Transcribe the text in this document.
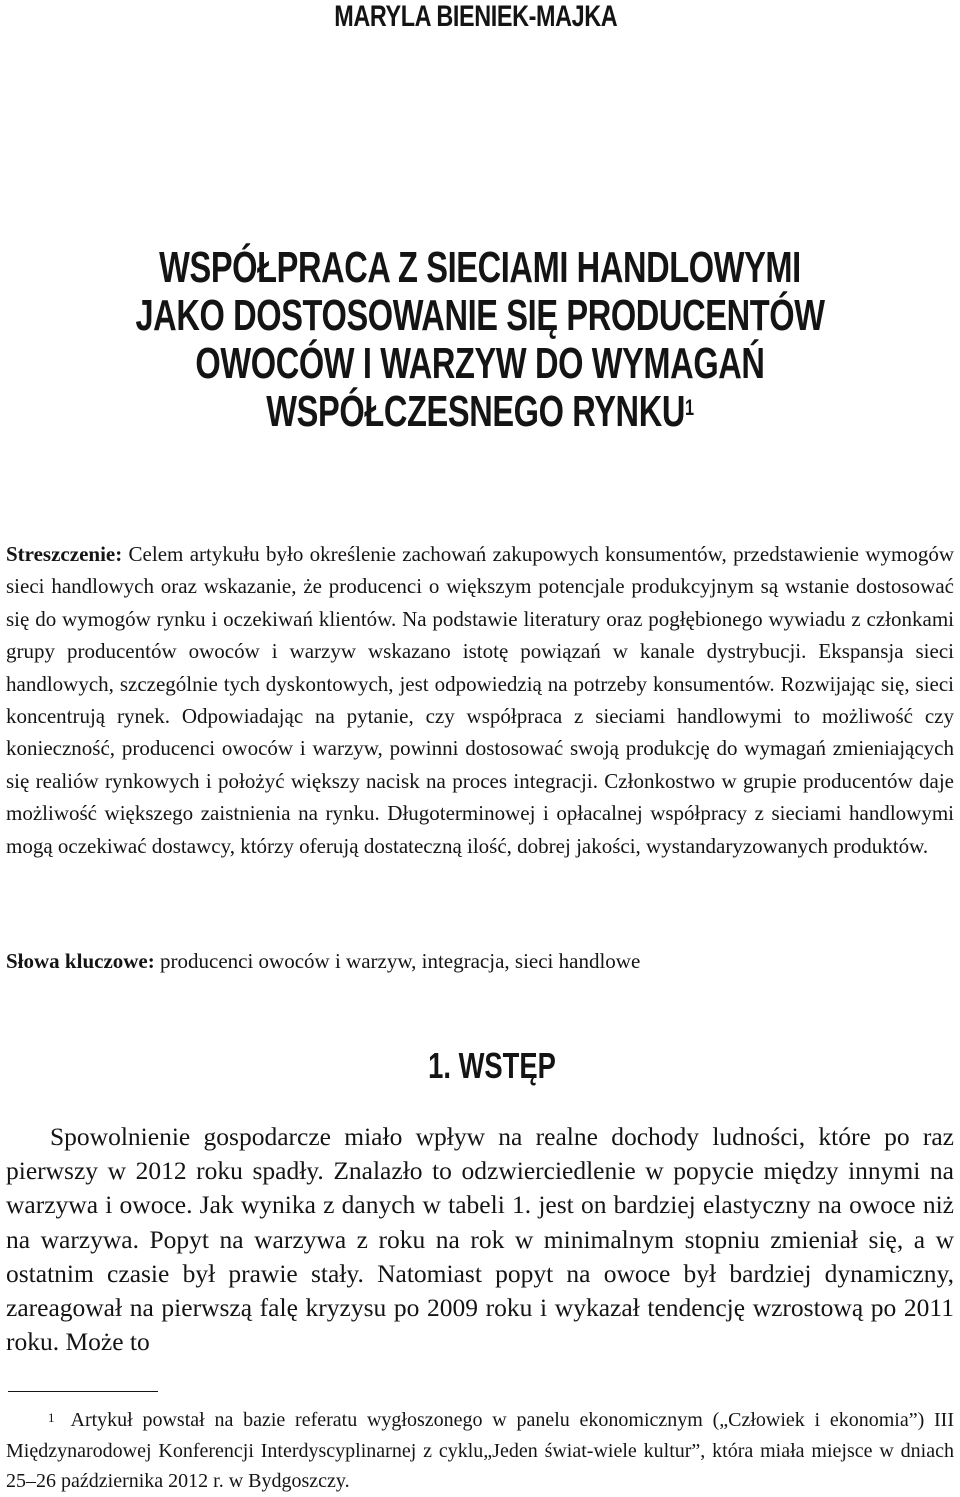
MARYLA BIENIEK-MAJKA
WSPÓŁPRACA Z SIECIAMI HANDLOWYMI
JAKO DOSTOSOWANIE SIĘ PRODUCENTÓW
OWOCÓW I WARZYW DO WYMAGAŃ
WSPÓŁCZESNEGO RYNKU$^1$
Streszczenie: Celem artykułu było określenie zachowań zakupowych konsumentów, przedstawienie wymogów sieci handlowych oraz wskazanie, że producenci o większym potencjale produkcyjnym są wstanie dostosować się do wymogów rynku i oczekiwań klientów. Na podstawie literatury oraz pogłębionego wywiadu z członkami grupy producentów owoców i warzyw wskazano istotę powiązań w kanale dystrybucji. Ekspansja sieci handlowych, szczególnie tych dyskontowych, jest odpowiedzią na potrzeby konsumentów. Rozwijając się, sieci koncentrują rynek. Odpowiadając na pytanie, czy współpraca z sieciami handlowymi to możliwość czy konieczność, producenci owoców i warzyw, powinni dostosować swoją produkcję do wymagań zmieniających się realiów rynkowych i położyć większy nacisk na proces integracji. Członkostwo w grupie producentów daje możliwość większego zaistnienia na rynku. Długoterminowej i opłacalnej współpracy z sieciami handlowymi mogą oczekiwać dostawcy, którzy oferują dostateczną ilość, dobrej jakości, wystandaryzowanych produktów.
Słowa kluczowe: producenci owoców i warzyw, integracja, sieci handlowe
1. WSTĘP
Spowolnienie gospodarcze miało wpływ na realne dochody ludności, które po raz pierwszy w 2012 roku spadły. Znalazło to odzwierciedlenie w popycie między innymi na warzywa i owoce. Jak wynika z danych w tabeli 1. jest on bardziej elastyczny na owoce niż na warzywa. Popyt na warzywa z roku na rok w minimalnym stopniu zmieniał się, a w ostatnim czasie był prawie stały. Natomiast popyt na owoce był bardziej dynamiczny, zareagował na pierwszą falę kryzysu po 2009 roku i wykazał tendencję wzrostową po 2011 roku. Może to
$^1$ Artykuł powstał na bazie referatu wygłoszonego w panelu ekonomicznym („Człowiek i ekonomia”) III Międzynarodowej Konferencji Interdyscyplinarnej z cyklu„Jeden świat-wiele kultur”, która miała miejsce w dniach 25–26 października 2012 r. w Bydgoszczy.
